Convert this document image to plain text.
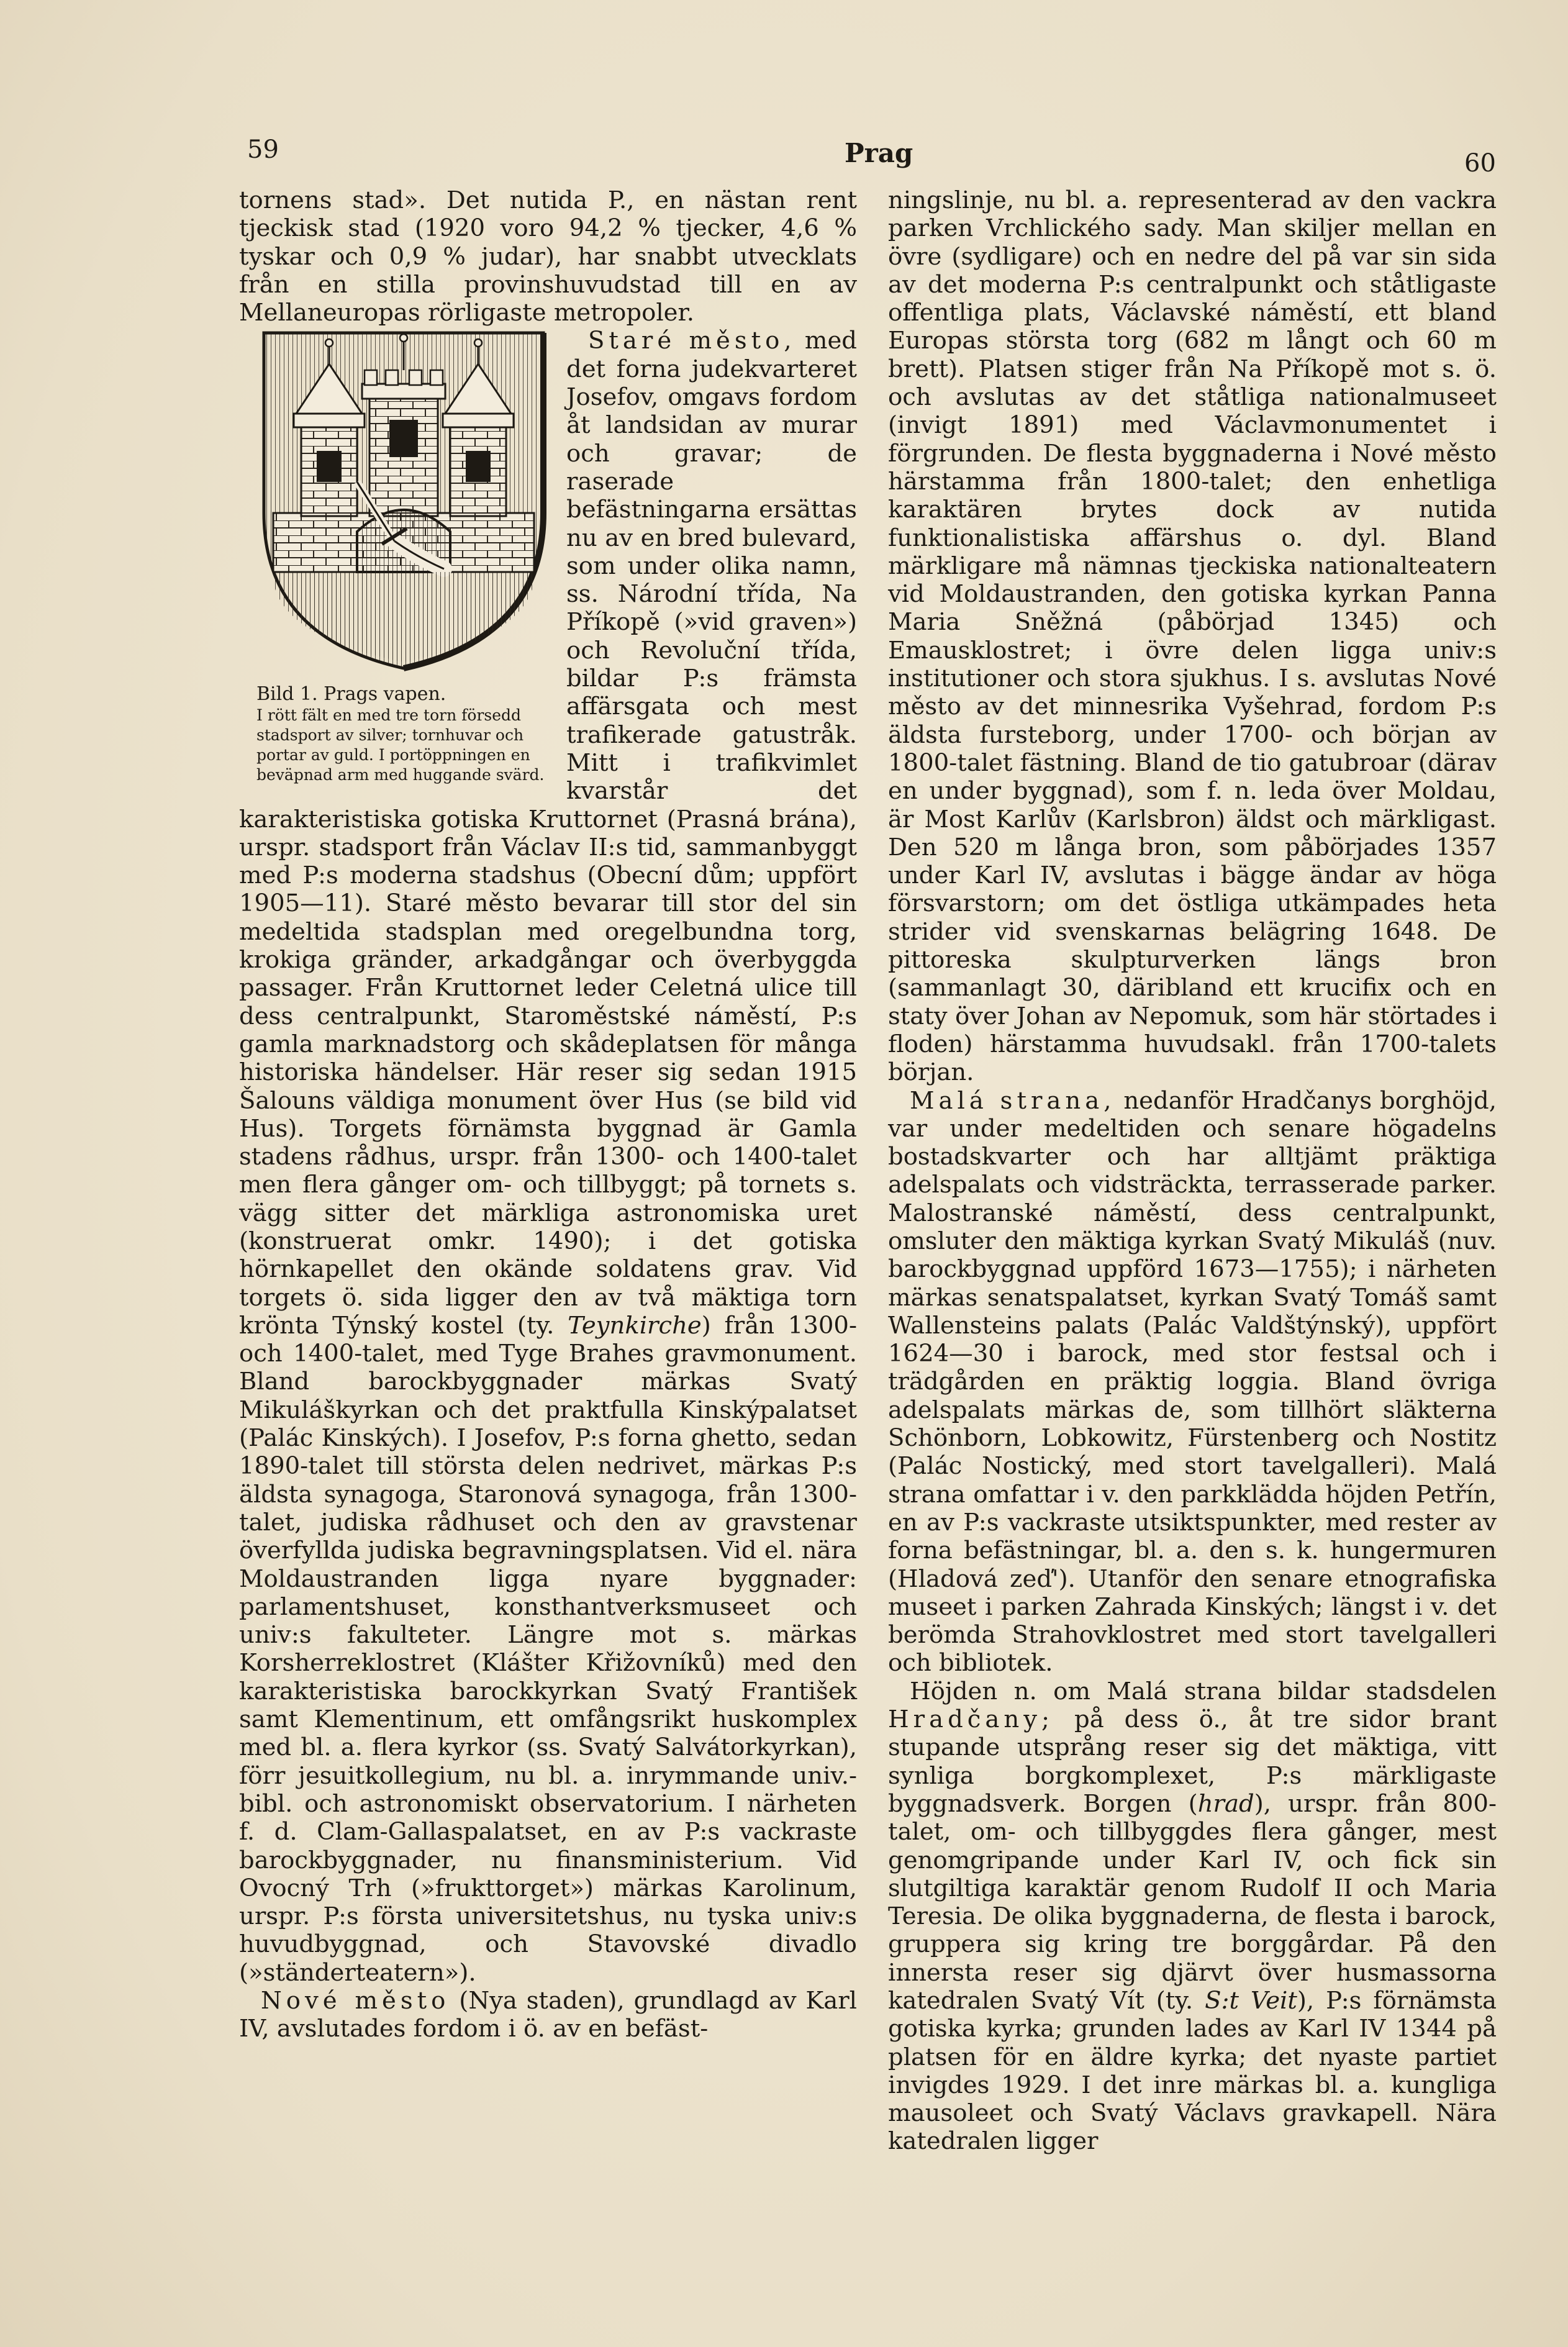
59	Prag	60

tornens stad». Det nutida P., en nästan rent tjeckisk stad (1920 voro 94,2 % tjecker, 4,6 % tyskar och 0,9 % judar), har snabbt utvecklats från en stilla provinshuvudstad till en av Mellaneuropas rörligaste metropoler.

Bild 1. Prags vapen.
I rött fält en med tre torn försedd stadsport av silver; tornhuvar och portar av guld. I portöppningen en beväpnad arm med huggande svärd.

Staré město, med det forna judekvarteret Josefov, omgavs fordom åt landsidan av murar och gravar; de raserade befästningarna ersättas nu av en bred bulevard, som under olika namn, ss. Národní třída, Na Příkopě (»vid graven») och Revoluční třída, bildar P:s främsta affärsgata och mest trafikerade gatustråk. Mitt i trafikvimlet kvarstår det karakteristiska gotiska Kruttornet (Prasná brána), urspr. stadsport från Václav II:s tid, sammanbyggt med P:s moderna stadshus (Obecní dům; uppfört 1905—11). Staré město bevarar till stor del sin medeltida stadsplan med oregelbundna torg, krokiga gränder, arkadgångar och överbyggda passager. Från Kruttornet leder Celetná ulice till dess centralpunkt, Staroměstské náměstí, P:s gamla marknadstorg och skådeplatsen för många historiska händelser. Här reser sig sedan 1915 Šalouns väldiga monument över Hus (se bild vid Hus). Torgets förnämsta byggnad är Gamla stadens rådhus, urspr. från 1300- och 1400-talet men flera gånger om- och tillbyggt; på tornets s. vägg sitter det märkliga astronomiska uret (konstruerat omkr. 1490); i det gotiska hörnkapellet den okände soldatens grav. Vid torgets ö. sida ligger den av två mäktiga torn krönta Týnský kostel (ty. Teynkirche) från 1300- och 1400-talet, med Tyge Brahes gravmonument. Bland barockbyggnader märkas Svatý Mikuláškyrkan och det praktfulla Kinskýpalatset (Palác Kinských). I Josefov, P:s forna ghetto, sedan 1890-talet till största delen nedrivet, märkas P:s äldsta synagoga, Staronová synagoga, från 1300-talet, judiska rådhuset och den av gravstenar överfyllda judiska begravningsplatsen. Vid el. nära Moldaustranden ligga nyare byggnader: parlamentshuset, konsthantverksmuseet och univ:s fakulteter. Längre mot s. märkas Korsherreklostret (Klášter Křižovníků) med den karakteristiska barockkyrkan Svatý František samt Klementinum, ett omfångsrikt huskomplex med bl. a. flera kyrkor (ss. Svatý Salvátorkyrkan), förr jesuitkollegium, nu bl. a. inrymmande univ.-bibl. och astronomiskt observatorium. I närheten f. d. Clam-Gallaspalatset, en av P:s vackraste barockbyggnader, nu finansministerium. Vid Ovocný Trh (»frukttorget») märkas Karolinum, urspr. P:s första universitetshus, nu tyska univ:s huvudbyggnad, och Stavovské divadlo (»ständerteatern»).

Nové město (Nya staden), grundlagd av Karl IV, avslutades fordom i ö. av en befäst-

ningslinje, nu bl. a. representerad av den vackra parken Vrchlického sady. Man skiljer mellan en övre (sydligare) och en nedre del på var sin sida av det moderna P:s centralpunkt och ståtligaste offentliga plats, Václavské náměstí, ett bland Europas största torg (682 m långt och 60 m brett). Platsen stiger från Na Příkopě mot s. ö. och avslutas av det ståtliga nationalmuseet (invigt 1891) med Václavmonumentet i förgrunden. De flesta byggnaderna i Nové město härstamma från 1800-talet; den enhetliga karaktären brytes dock av nutida funktionalistiska affärshus o. dyl. Bland märkligare må nämnas tjeckiska nationalteatern vid Moldaustranden, den gotiska kyrkan Panna Maria Sněžná (påbörjad 1345) och Emausklostret; i övre delen ligga univ:s institutioner och stora sjukhus. I s. avslutas Nové město av det minnesrika Vyšehrad, fordom P:s äldsta fursteborg, under 1700- och början av 1800-talet fästning. Bland de tio gatubroar (därav en under byggnad), som f. n. leda över Moldau, är Most Karlův (Karlsbron) äldst och märkligast. Den 520 m långa bron, som påbörjades 1357 under Karl IV, avslutas i bägge ändar av höga försvarstorn; om det östliga utkämpades heta strider vid svenskarnas belägring 1648. De pittoreska skulpturverken längs bron (sammanlagt 30, däribland ett krucifix och en staty över Johan av Nepomuk, som här störtades i floden) härstamma huvudsakl. från 1700-talets början.

Malá strana, nedanför Hradčanys borghöjd, var under medeltiden och senare högadelns bostadskvarter och har alltjämt präktiga adelspalats och vidsträckta, terrasserade parker. Malostranské náměstí, dess centralpunkt, omsluter den mäktiga kyrkan Svatý Mikuláš (nuv. barockbyggnad uppförd 1673—1755); i närheten märkas senatspalatset, kyrkan Svatý Tomáš samt Wallensteins palats (Palác Valdštýnský), uppfört 1624—30 i barock, med stor festsal och i trädgården en präktig loggia. Bland övriga adelspalats märkas de, som tillhört släkterna Schönborn, Lobkowitz, Fürstenberg och Nostitz (Palác Nostický, med stort tavelgalleri). Malá strana omfattar i v. den parkklädda höjden Petřín, en av P:s vackraste utsiktspunkter, med rester av forna befästningar, bl. a. den s. k. hungermuren (Hladová zeď'). Utanför den senare etnografiska museet i parken Zahrada Kinských; längst i v. det berömda Strahovklostret med stort tavelgalleri och bibliotek.

Höjden n. om Malá strana bildar stadsdelen Hradčany; på dess ö., åt tre sidor brant stupande utsprång reser sig det mäktiga, vitt synliga borgkomplexet, P:s märkligaste byggnadsverk. Borgen (hrad), urspr. från 800-talet, om- och tillbyggdes flera gånger, mest genomgripande under Karl IV, och fick sin slutgiltiga karaktär genom Rudolf II och Maria Teresia. De olika byggnaderna, de flesta i barock, gruppera sig kring tre borggårdar. På den innersta reser sig djärvt över husmassorna katedralen Svatý Vít (ty. S:t Veit), P:s förnämsta gotiska kyrka; grunden lades av Karl IV 1344 på platsen för en äldre kyrka; det nyaste partiet invigdes 1929. I det inre märkas bl. a. kungliga mausoleet och Svatý Václavs gravkapell. Nära katedralen ligger
